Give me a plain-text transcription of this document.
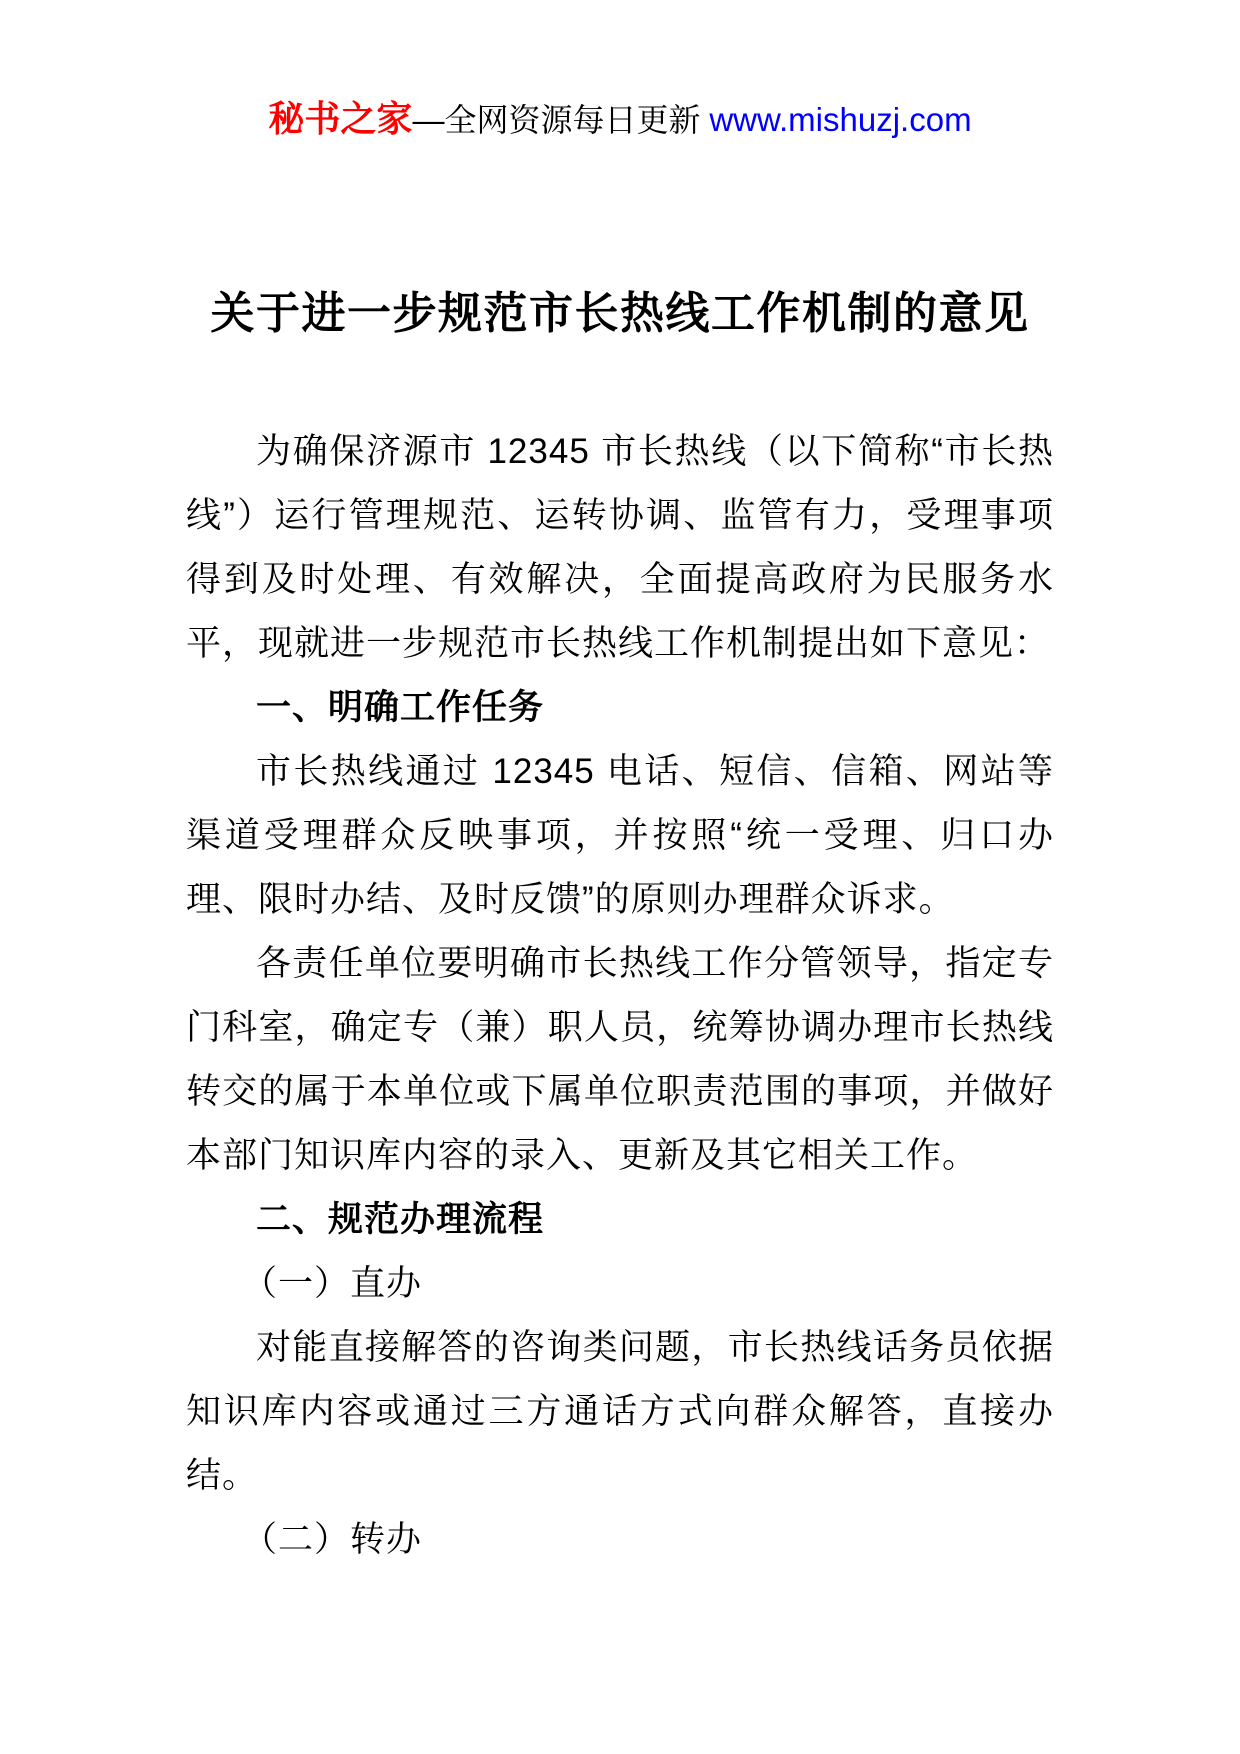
秘书之家—全网资源每日更新 www.mishuzj.com
关于进一步规范市长热线工作机制的意见

为确保济源市 12345 市长热线（以下简称“市长热线”）运行管理规范、运转协调、监管有力，受理事项得到及时处理、有效解决，全面提高政府为民服务水平，现就进一步规范市长热线工作机制提出如下意见：

一、明确工作任务

市长热线通过 12345 电话、短信、信箱、网站等渠道受理群众反映事项，并按照“统一受理、归口办理、限时办结、及时反馈”的原则办理群众诉求。

各责任单位要明确市长热线工作分管领导，指定专门科室，确定专（兼）职人员，统筹协调办理市长热线转交的属于本单位或下属单位职责范围的事项，并做好本部门知识库内容的录入、更新及其它相关工作。

二、规范办理流程

（一）直办

对能直接解答的咨询类问题，市长热线话务员依据知识库内容或通过三方通话方式向群众解答，直接办结。

（二）转办
